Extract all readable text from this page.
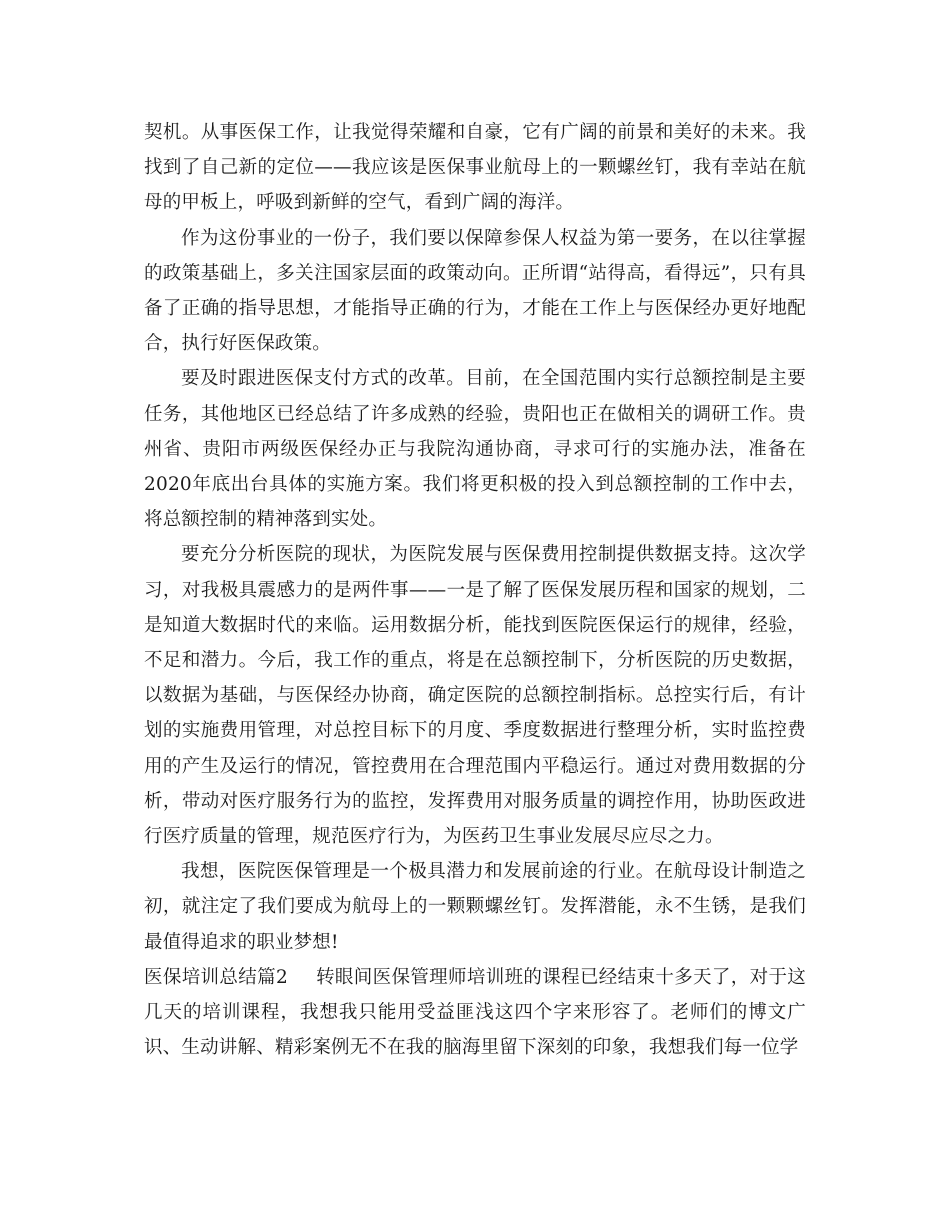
契机。从事医保工作，让我觉得荣耀和自豪，它有广阔的前景和美好的未来。我找到了自己新的定位——我应该是医保事业航母上的一颗螺丝钉，我有幸站在航母的甲板上，呼吸到新鲜的空气，看到广阔的海洋。

作为这份事业的一份子，我们要以保障参保人权益为第一要务，在以往掌握的政策基础上，多关注国家层面的政策动向。正所谓“站得高，看得远”，只有具备了正确的指导思想，才能指导正确的行为，才能在工作上与医保经办更好地配合，执行好医保政策。

要及时跟进医保支付方式的改革。目前，在全国范围内实行总额控制是主要任务，其他地区已经总结了许多成熟的经验，贵阳也正在做相关的调研工作。贵州省、贵阳市两级医保经办正与我院沟通协商，寻求可行的实施办法，准备在2020年底出台具体的实施方案。我们将更积极的投入到总额控制的工作中去，将总额控制的精神落到实处。

要充分分析医院的现状，为医院发展与医保费用控制提供数据支持。这次学习，对我极具震感力的是两件事——一是了解了医保发展历程和国家的规划，二是知道大数据时代的来临。运用数据分析，能找到医院医保运行的规律，经验，不足和潜力。今后，我工作的重点，将是在总额控制下，分析医院的历史数据，以数据为基础，与医保经办协商，确定医院的总额控制指标。总控实行后，有计划的实施费用管理，对总控目标下的月度、季度数据进行整理分析，实时监控费用的产生及运行的情况，管控费用在合理范围内平稳运行。通过对费用数据的分析，带动对医疗服务行为的监控，发挥费用对服务质量的调控作用，协助医政进行医疗质量的管理，规范医疗行为，为医药卫生事业发展尽应尽之力。

我想，医院医保管理是一个极具潜力和发展前途的行业。在航母设计制造之初，就注定了我们要成为航母上的一颗颗螺丝钉。发挥潜能，永不生锈，是我们最值得追求的职业梦想!

医保培训总结篇2 转眼间医保管理师培训班的课程已经结束十多天了，对于这几天的培训课程，我想我只能用受益匪浅这四个字来形容了。老师们的博文广识、生动讲解、精彩案例无不在我的脑海里留下深刻的印象，我想我们每一位学
